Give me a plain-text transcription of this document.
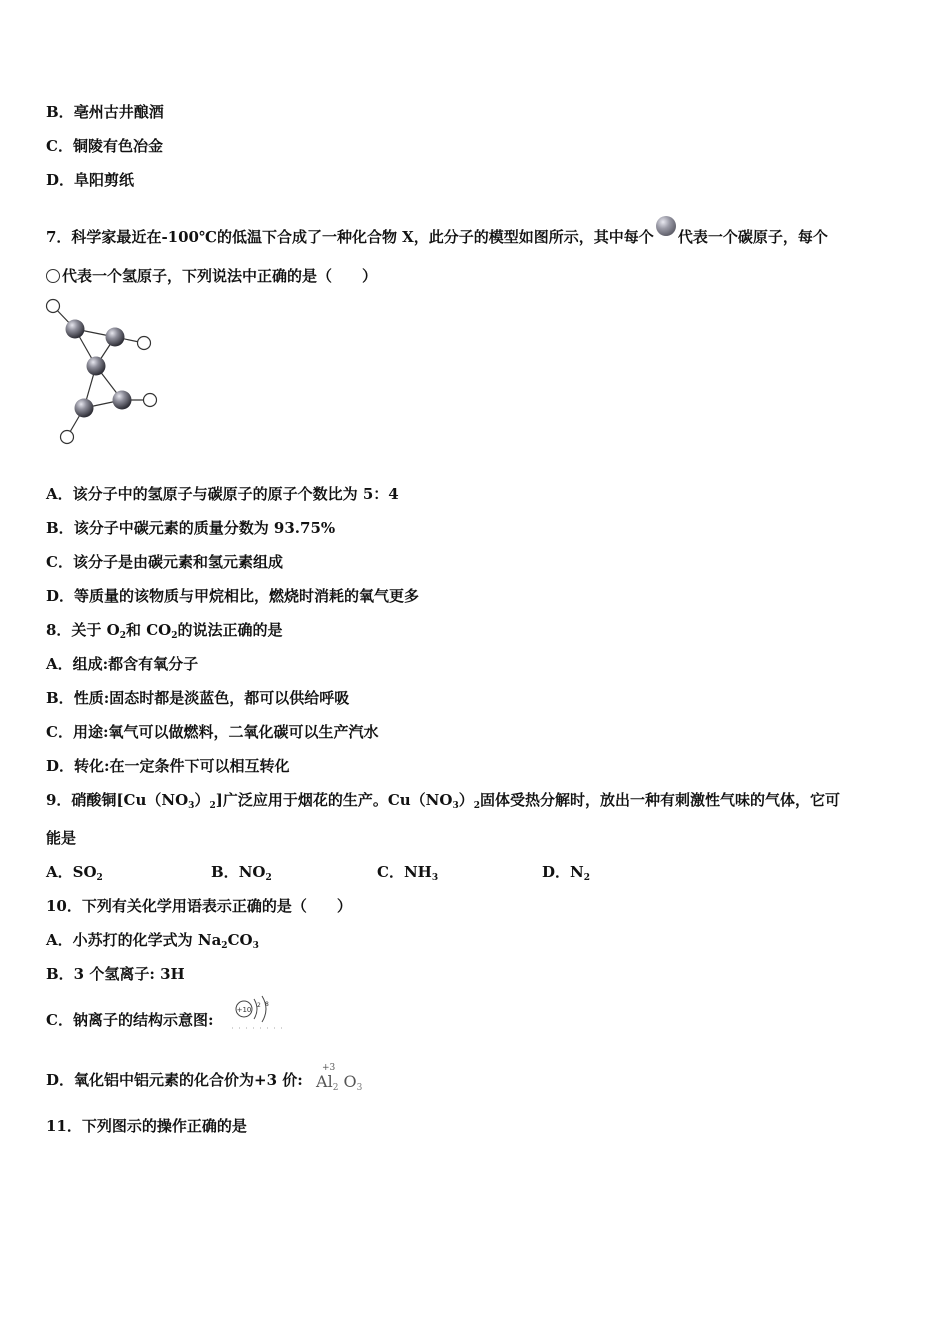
B．亳州古井酿酒
C．铜陵有色冶金
D．阜阳剪纸
7．科学家最近在-100℃的低温下合成了一种化合物 X，此分子的模型如图所示，其中每个 代表一个碳原子，每个
代表一个氢原子，下列说法中正确的是（　　）
A．该分子中的氢原子与碳原子的原子个数比为 5：4
B．该分子中碳元素的质量分数为 93.75%
C．该分子是由碳元素和氢元素组成
D．等质量的该物质与甲烷相比，燃烧时消耗的氧气更多
8．关于 $O_2$和 $CO_2$的说法正确的是
A．组成:都含有氧分子
B．性质:固态时都是淡蓝色，都可以供给呼吸
C．用途:氧气可以做燃料，二氧化碳可以生产汽水
D．转化:在一定条件下可以相互转化
9．硝酸铜$[Cu(NO_3)_2]$广泛应用于烟花的生产。$Cu(NO_3)_2$固体受热分解时，放出一种有刺激性气味的气体，它可
能是
A．$SO_2$	B．$NO_2$	C．$NH_3$	D．$N_2$
10．下列有关化学用语表示正确的是（　　）
A．小苏打的化学式为 $Na_2CO_3$
B．3 个氢离子: 3H
C．钠离子的结构示意图:
+10
2 8
D．氧化铝中铝元素的化合价为+3 价:
+3
$Al_2$ $O_3$
11．下列图示的操作正确的是
